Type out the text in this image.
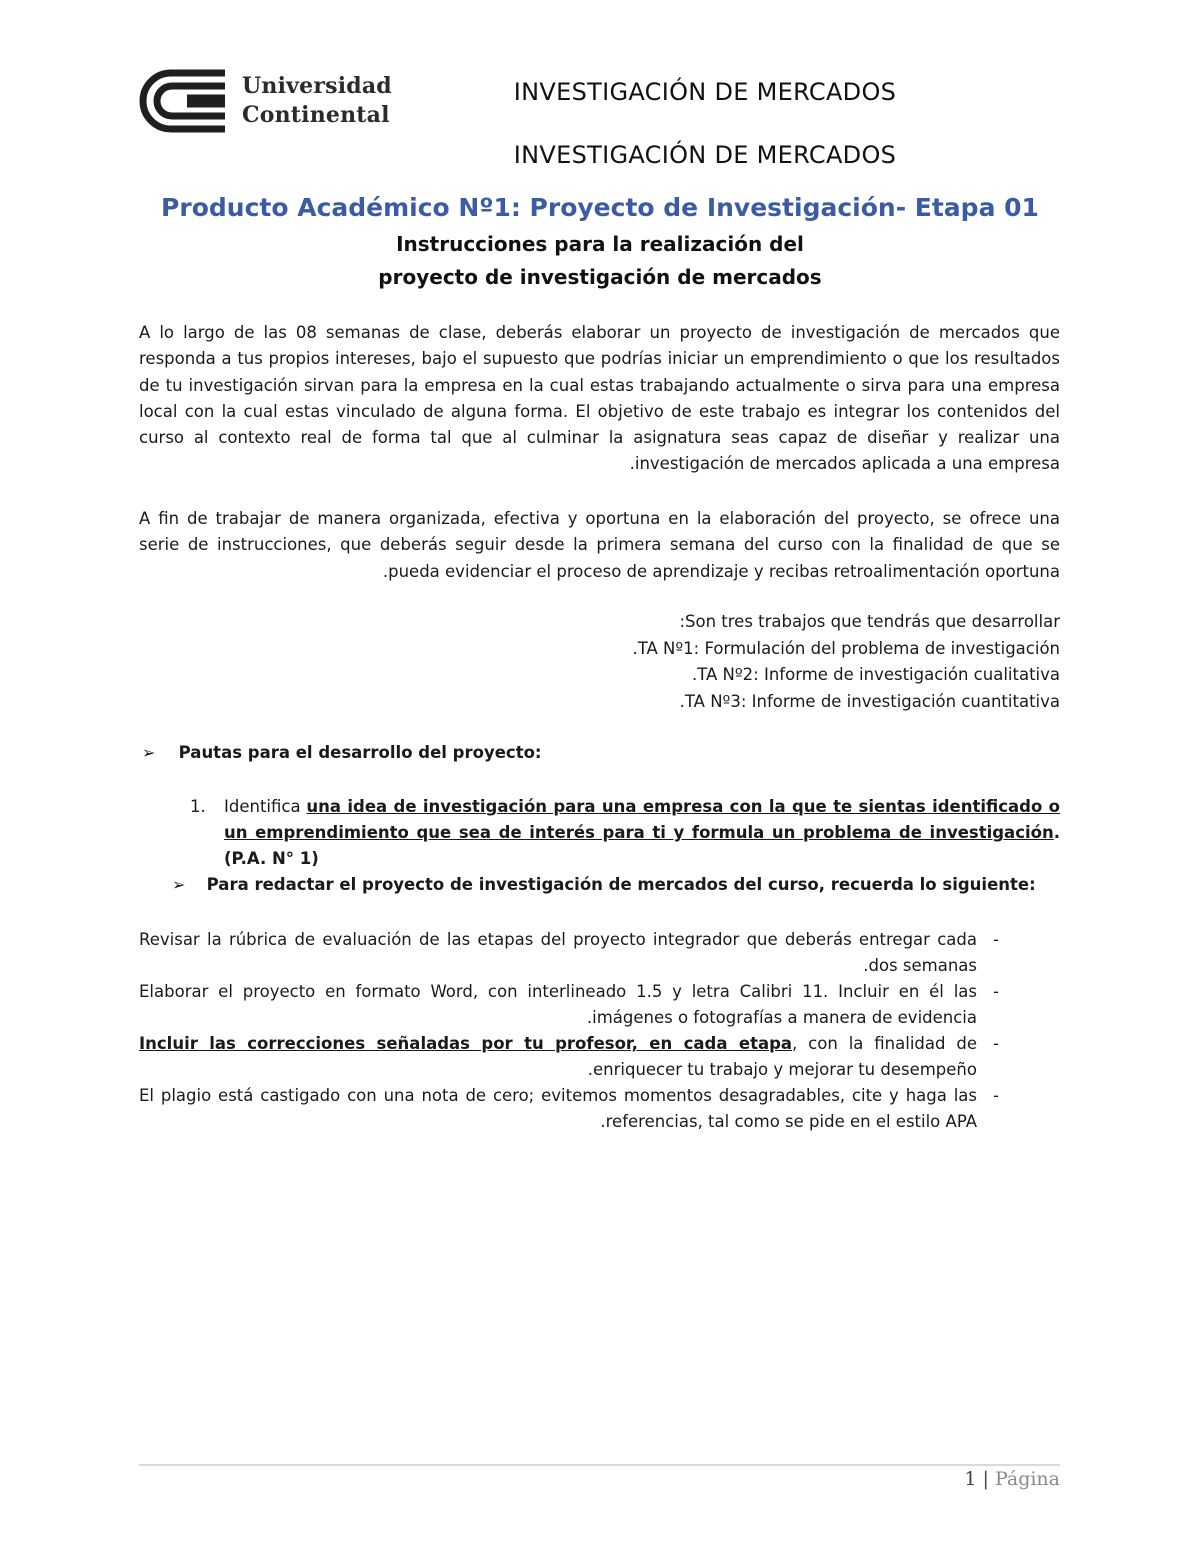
Universidad
Continental
INVESTIGACIÓN DE MERCADOS
INVESTIGACIÓN DE MERCADOS
Producto Académico Nº1: Proyecto de Investigación- Etapa 01
Instrucciones para la realización del
proyecto de investigación de mercados

A lo largo de las 08 semanas de clase, deberás elaborar un proyecto de investigación de mercados que responda a tus propios intereses, bajo el supuesto que podrías iniciar un emprendimiento o que los resultados de tu investigación sirvan para la empresa en la cual estas trabajando actualmente o sirva para una empresa local con la cual estas vinculado de alguna forma. El objetivo de este trabajo es integrar los contenidos del curso al contexto real de forma tal que al culminar la asignatura seas capaz de diseñar y realizar una investigación de mercados aplicada a una empresa.

A fin de trabajar de manera organizada, efectiva y oportuna en la elaboración del proyecto, se ofrece una serie de instrucciones, que deberás seguir desde la primera semana del curso con la finalidad de que se pueda evidenciar el proceso de aprendizaje y recibas retroalimentación oportuna.

Son tres trabajos que tendrás que desarrollar:
TA Nº1: Formulación del problema de investigación.
TA Nº2: Informe de investigación cualitativa.
TA Nº3: Informe de investigación cuantitativa.
➢ Pautas para el desarrollo del proyecto:
1. Identifica una idea de investigación para una empresa con la que te sientas identificado o un emprendimiento que sea de interés para ti y formula un problema de investigación. (P.A. N° 1)
➢ Para redactar el proyecto de investigación de mercados del curso, recuerda lo siguiente:

-
Revisar la rúbrica de evaluación de las etapas del proyecto integrador que deberás entregar cada dos semanas.

-
Elaborar el proyecto en formato Word, con interlineado 1.5 y letra Calibri 11. Incluir en él las imágenes o fotografías a manera de evidencia.

-
Incluir las correcciones señaladas por tu profesor, en cada etapa, con la finalidad de enriquecer tu trabajo y mejorar tu desempeño.

-
El plagio está castigado con una nota de cero; evitemos momentos desagradables, cite y haga las referencias, tal como se pide en el estilo APA.

1 | Página
